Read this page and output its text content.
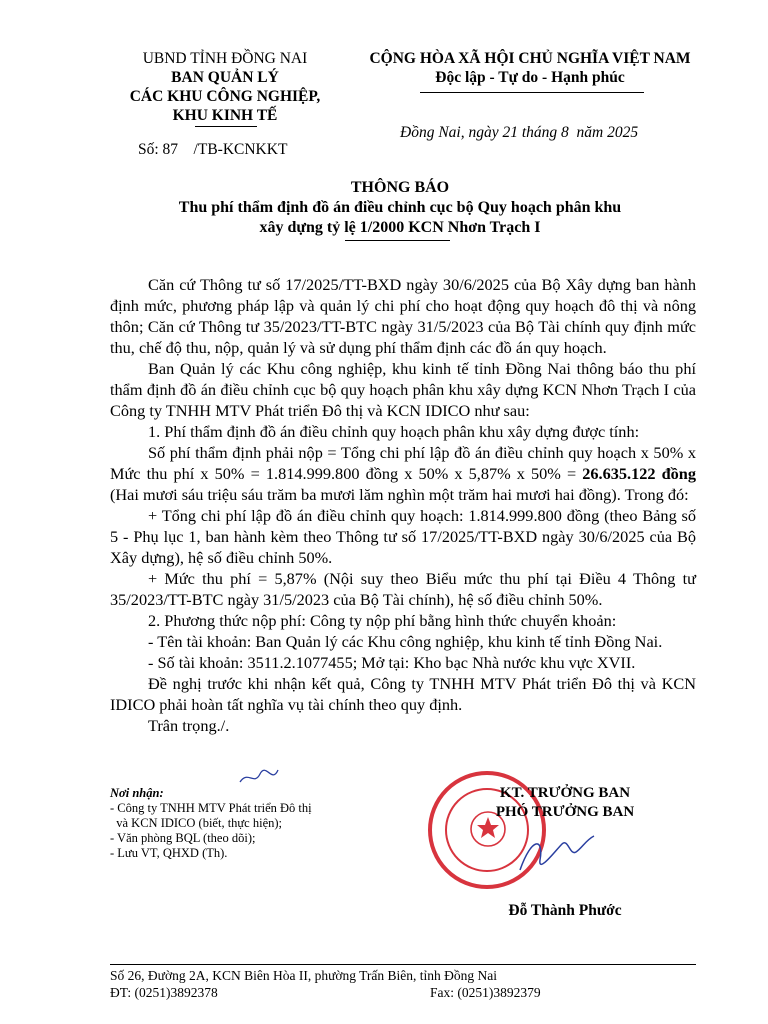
UBND TỈNH ĐỒNG NAI
BAN QUẢN LÝ
CÁC KHU CÔNG NGHIỆP,
KHU KINH TẾ
CỘNG HÒA XÃ HỘI CHỦ NGHĨA VIỆT NAM
Độc lập - Tự do - Hạnh phúc
Số: 87    /TB-KCNKKT
Đồng Nai, ngày 21 tháng 8  năm 2025
THÔNG BÁO
Thu phí thẩm định đồ án điều chỉnh cục bộ Quy hoạch phân khu
xây dựng tỷ lệ 1/2000 KCN Nhơn Trạch I
Căn cứ Thông tư số 17/2025/TT-BXD ngày 30/6/2025 của Bộ Xây dựng ban hành định mức, phương pháp lập và quản lý chi phí cho hoạt động quy hoạch đô thị và nông thôn; Căn cứ Thông tư 35/2023/TT-BTC ngày 31/5/2023 của Bộ Tài chính quy định mức thu, chế độ thu, nộp, quản lý và sử dụng phí thẩm định các đồ án quy hoạch.
Ban Quản lý các Khu công nghiệp, khu kinh tế tỉnh Đồng Nai thông báo thu phí thẩm định đồ án điều chỉnh cục bộ quy hoạch phân khu xây dựng KCN Nhơn Trạch I của Công ty TNHH MTV Phát triển Đô thị và KCN IDICO như sau:
1. Phí thẩm định đồ án điều chỉnh quy hoạch phân khu xây dựng được tính:
Số phí thẩm định phải nộp = Tổng chi phí lập đồ án điều chỉnh quy hoạch x 50% x Mức thu phí x 50% = 1.814.999.800 đồng x 50% x 5,87% x 50% = 26.635.122 đồng (Hai mươi sáu triệu sáu trăm ba mươi lăm nghìn một trăm hai mươi hai đồng). Trong đó:
+ Tổng chi phí lập đồ án điều chỉnh quy hoạch: 1.814.999.800 đồng (theo Bảng số 5 - Phụ lục 1, ban hành kèm theo Thông tư số 17/2025/TT-BXD ngày 30/6/2025 của Bộ Xây dựng), hệ số điều chỉnh 50%.
+ Mức thu phí = 5,87% (Nội suy theo Biểu mức thu phí tại Điều 4 Thông tư 35/2023/TT-BTC ngày 31/5/2023 của Bộ Tài chính), hệ số điều chỉnh 50%.
2. Phương thức nộp phí: Công ty nộp phí bằng hình thức chuyển khoản:
- Tên tài khoản: Ban Quản lý các Khu công nghiệp, khu kinh tế tỉnh Đồng Nai.
- Số tài khoản: 3511.2.1077455; Mở tại: Kho bạc Nhà nước khu vực XVII.
Đề nghị trước khi nhận kết quả, Công ty TNHH MTV Phát triển Đô thị và KCN IDICO phải hoàn tất nghĩa vụ tài chính theo quy định.
Trân trọng./.
Nơi nhận:
- Công ty TNHH MTV Phát triển Đô thị
và KCN IDICO (biết, thực hiện);
- Văn phòng BQL (theo dõi);
- Lưu VT, QHXD (Th).
KT. TRƯỞNG BAN
PHÓ TRƯỞNG BAN
Đỗ Thành Phước
Số 26, Đường 2A, KCN Biên Hòa II, phường Trấn Biên, tỉnh Đồng Nai
ĐT: (0251)3892378	Fax: (0251)3892379
